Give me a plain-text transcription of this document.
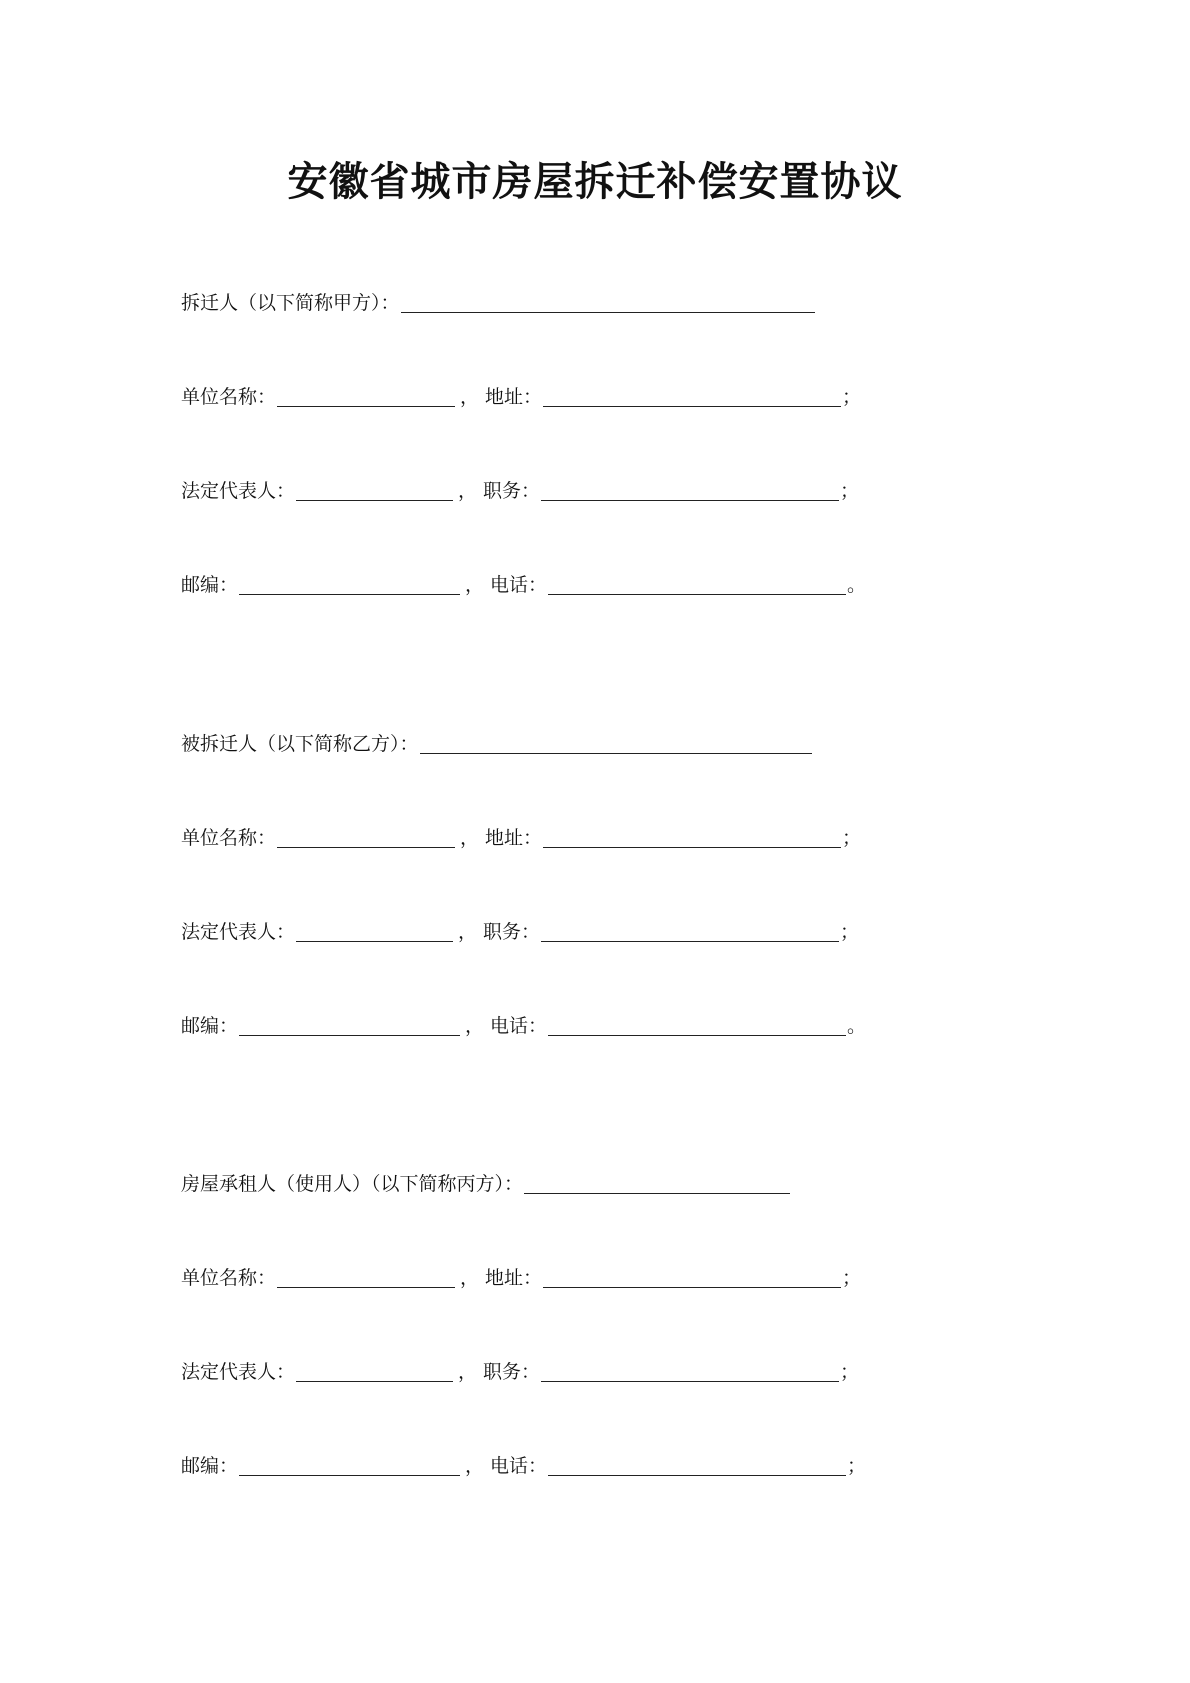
安徽省城市房屋拆迁补偿安置协议
拆迁人（以下简称甲方）：
单位名称：	， 地址：	；
法定代表人：	， 职务：	；
邮编：	， 电话：	。
被拆迁人（以下简称乙方）：
单位名称：	， 地址：	；
法定代表人：	， 职务：	；
邮编：	， 电话：	。
房屋承租人（使用人）（以下简称丙方）：
单位名称：	， 地址：	；
法定代表人：	， 职务：	；
邮编：	， 电话：	；
